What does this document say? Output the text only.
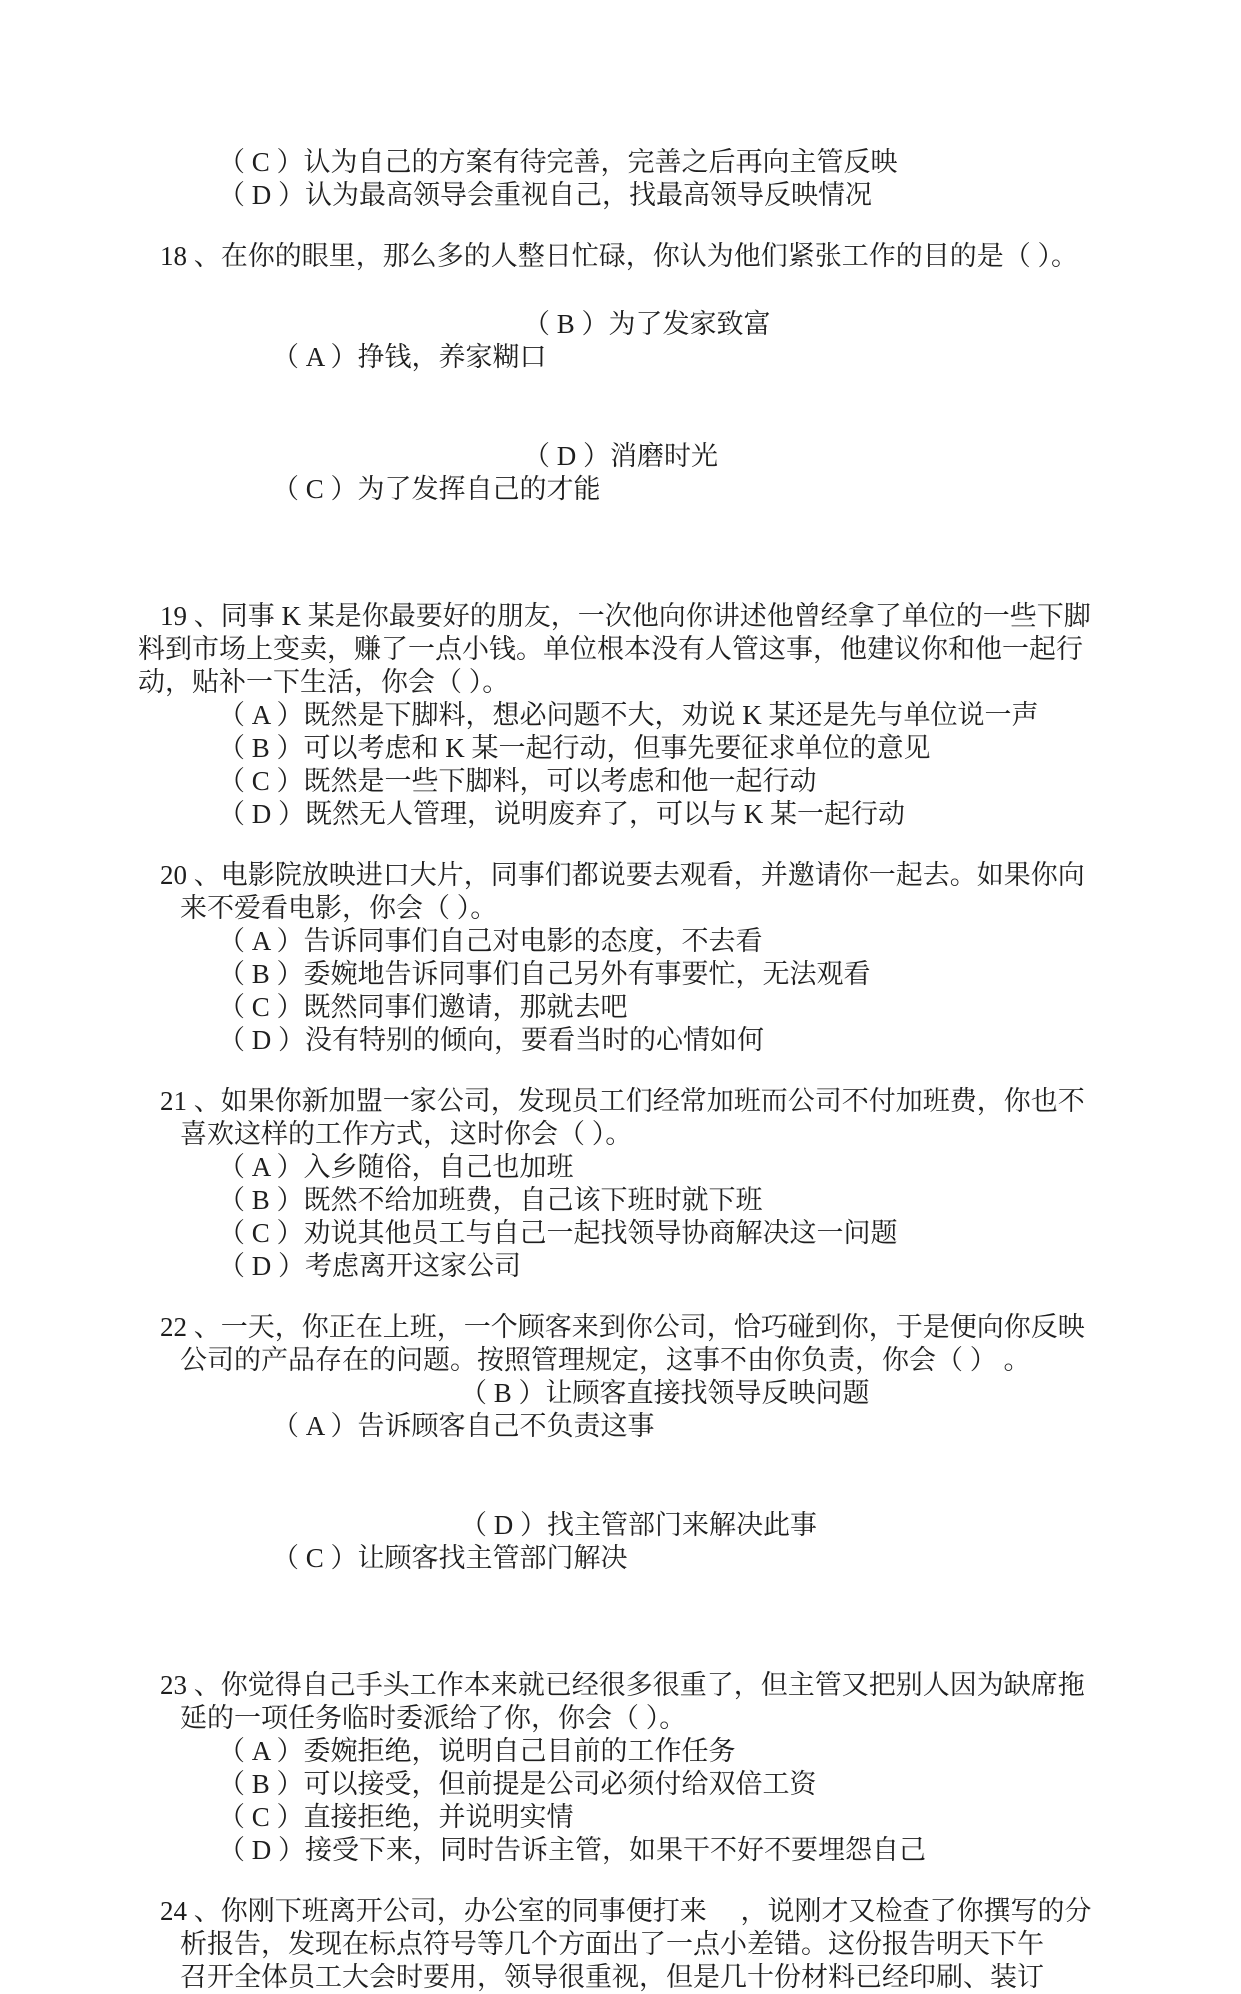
（ C ）认为自己的方案有待完善，完善之后再向主管反映
（ D ）认为最高领导会重视自己，找最高领导反映情况
18 、在你的眼里，那么多的人整日忙碌，你认为他们紧张工作的目的是（ ）。

（ A ）挣钱，养家糊口

（ B ）为了发家致富

（ C ）为了发挥自己的才能

（ D ）消磨时光

19 、同事 K 某是你最要好的朋友，一次他向你讲述他曾经拿了单位的一些下脚
料到市场上变卖，赚了一点小钱。单位根本没有人管这事，他建议你和他一起行
动，贴补一下生活，你会（ ）。
（ A ）既然是下脚料，想必问题不大，劝说 K 某还是先与单位说一声
（ B ）可以考虑和 K 某一起行动，但事先要征求单位的意见
（ C ）既然是一些下脚料，可以考虑和他一起行动
（ D ）既然无人管理，说明废弃了，可以与 K 某一起行动
20 、电影院放映进口大片，同事们都说要去观看，并邀请你一起去。如果你向
来不爱看电影，你会（ ）。
（ A ）告诉同事们自己对电影的态度，不去看
（ B ）委婉地告诉同事们自己另外有事要忙，无法观看
（ C ）既然同事们邀请，那就去吧
（ D ）没有特别的倾向，要看当时的心情如何
21 、如果你新加盟一家公司，发现员工们经常加班而公司不付加班费，你也不
喜欢这样的工作方式，这时你会（ ）。
（ A ）入乡随俗，自己也加班
（ B ）既然不给加班费，自己该下班时就下班
（ C ）劝说其他员工与自己一起找领导协商解决这一问题
（ D ）考虑离开这家公司
22 、一天，你正在上班，一个顾客来到你公司，恰巧碰到你，于是便向你反映
公司的产品存在的问题。按照管理规定，这事不由你负责，你会（ ） 。

（ A ）告诉顾客自己不负责这事

（ B ）让顾客直接找领导反映问题

（ C ）让顾客找主管部门解决

（ D ）找主管部门来解决此事

23 、你觉得自己手头工作本来就已经很多很重了，但主管又把别人因为缺席拖
延的一项任务临时委派给了你，你会（ ）。
（ A ）委婉拒绝，说明自己目前的工作任务
（ B ）可以接受，但前提是公司必须付给双倍工资
（ C ）直接拒绝，并说明实情
（ D ）接受下来，同时告诉主管，如果干不好不要埋怨自己
24 、你刚下班离开公司，办公室的同事便打来　 ，说刚才又检查了你撰写的分
析报告，发现在标点符号等几个方面出了一点小差错。这份报告明天下午
召开全体员工大会时要用，领导很重视，但是几十份材料已经印刷、装订
